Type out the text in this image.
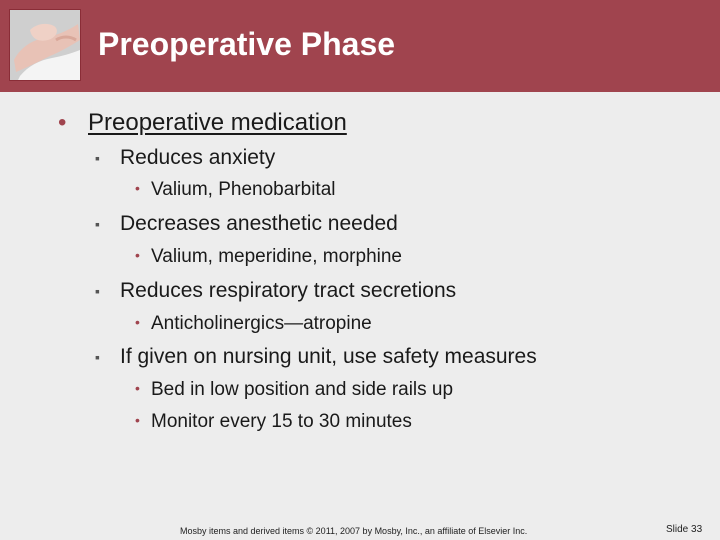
Preoperative Phase
• Preoperative medication
▪ Reduces anxiety
• Valium, Phenobarbital
▪ Decreases anesthetic needed
• Valium, meperidine, morphine
▪ Reduces respiratory tract secretions
• Anticholinergics—atropine
▪ If given on nursing unit, use safety measures
• Bed in low position and side rails up
• Monitor every 15 to 30 minutes
Mosby items and derived items © 2011, 2007 by Mosby, Inc., an affiliate of Elsevier Inc.	Slide 33
